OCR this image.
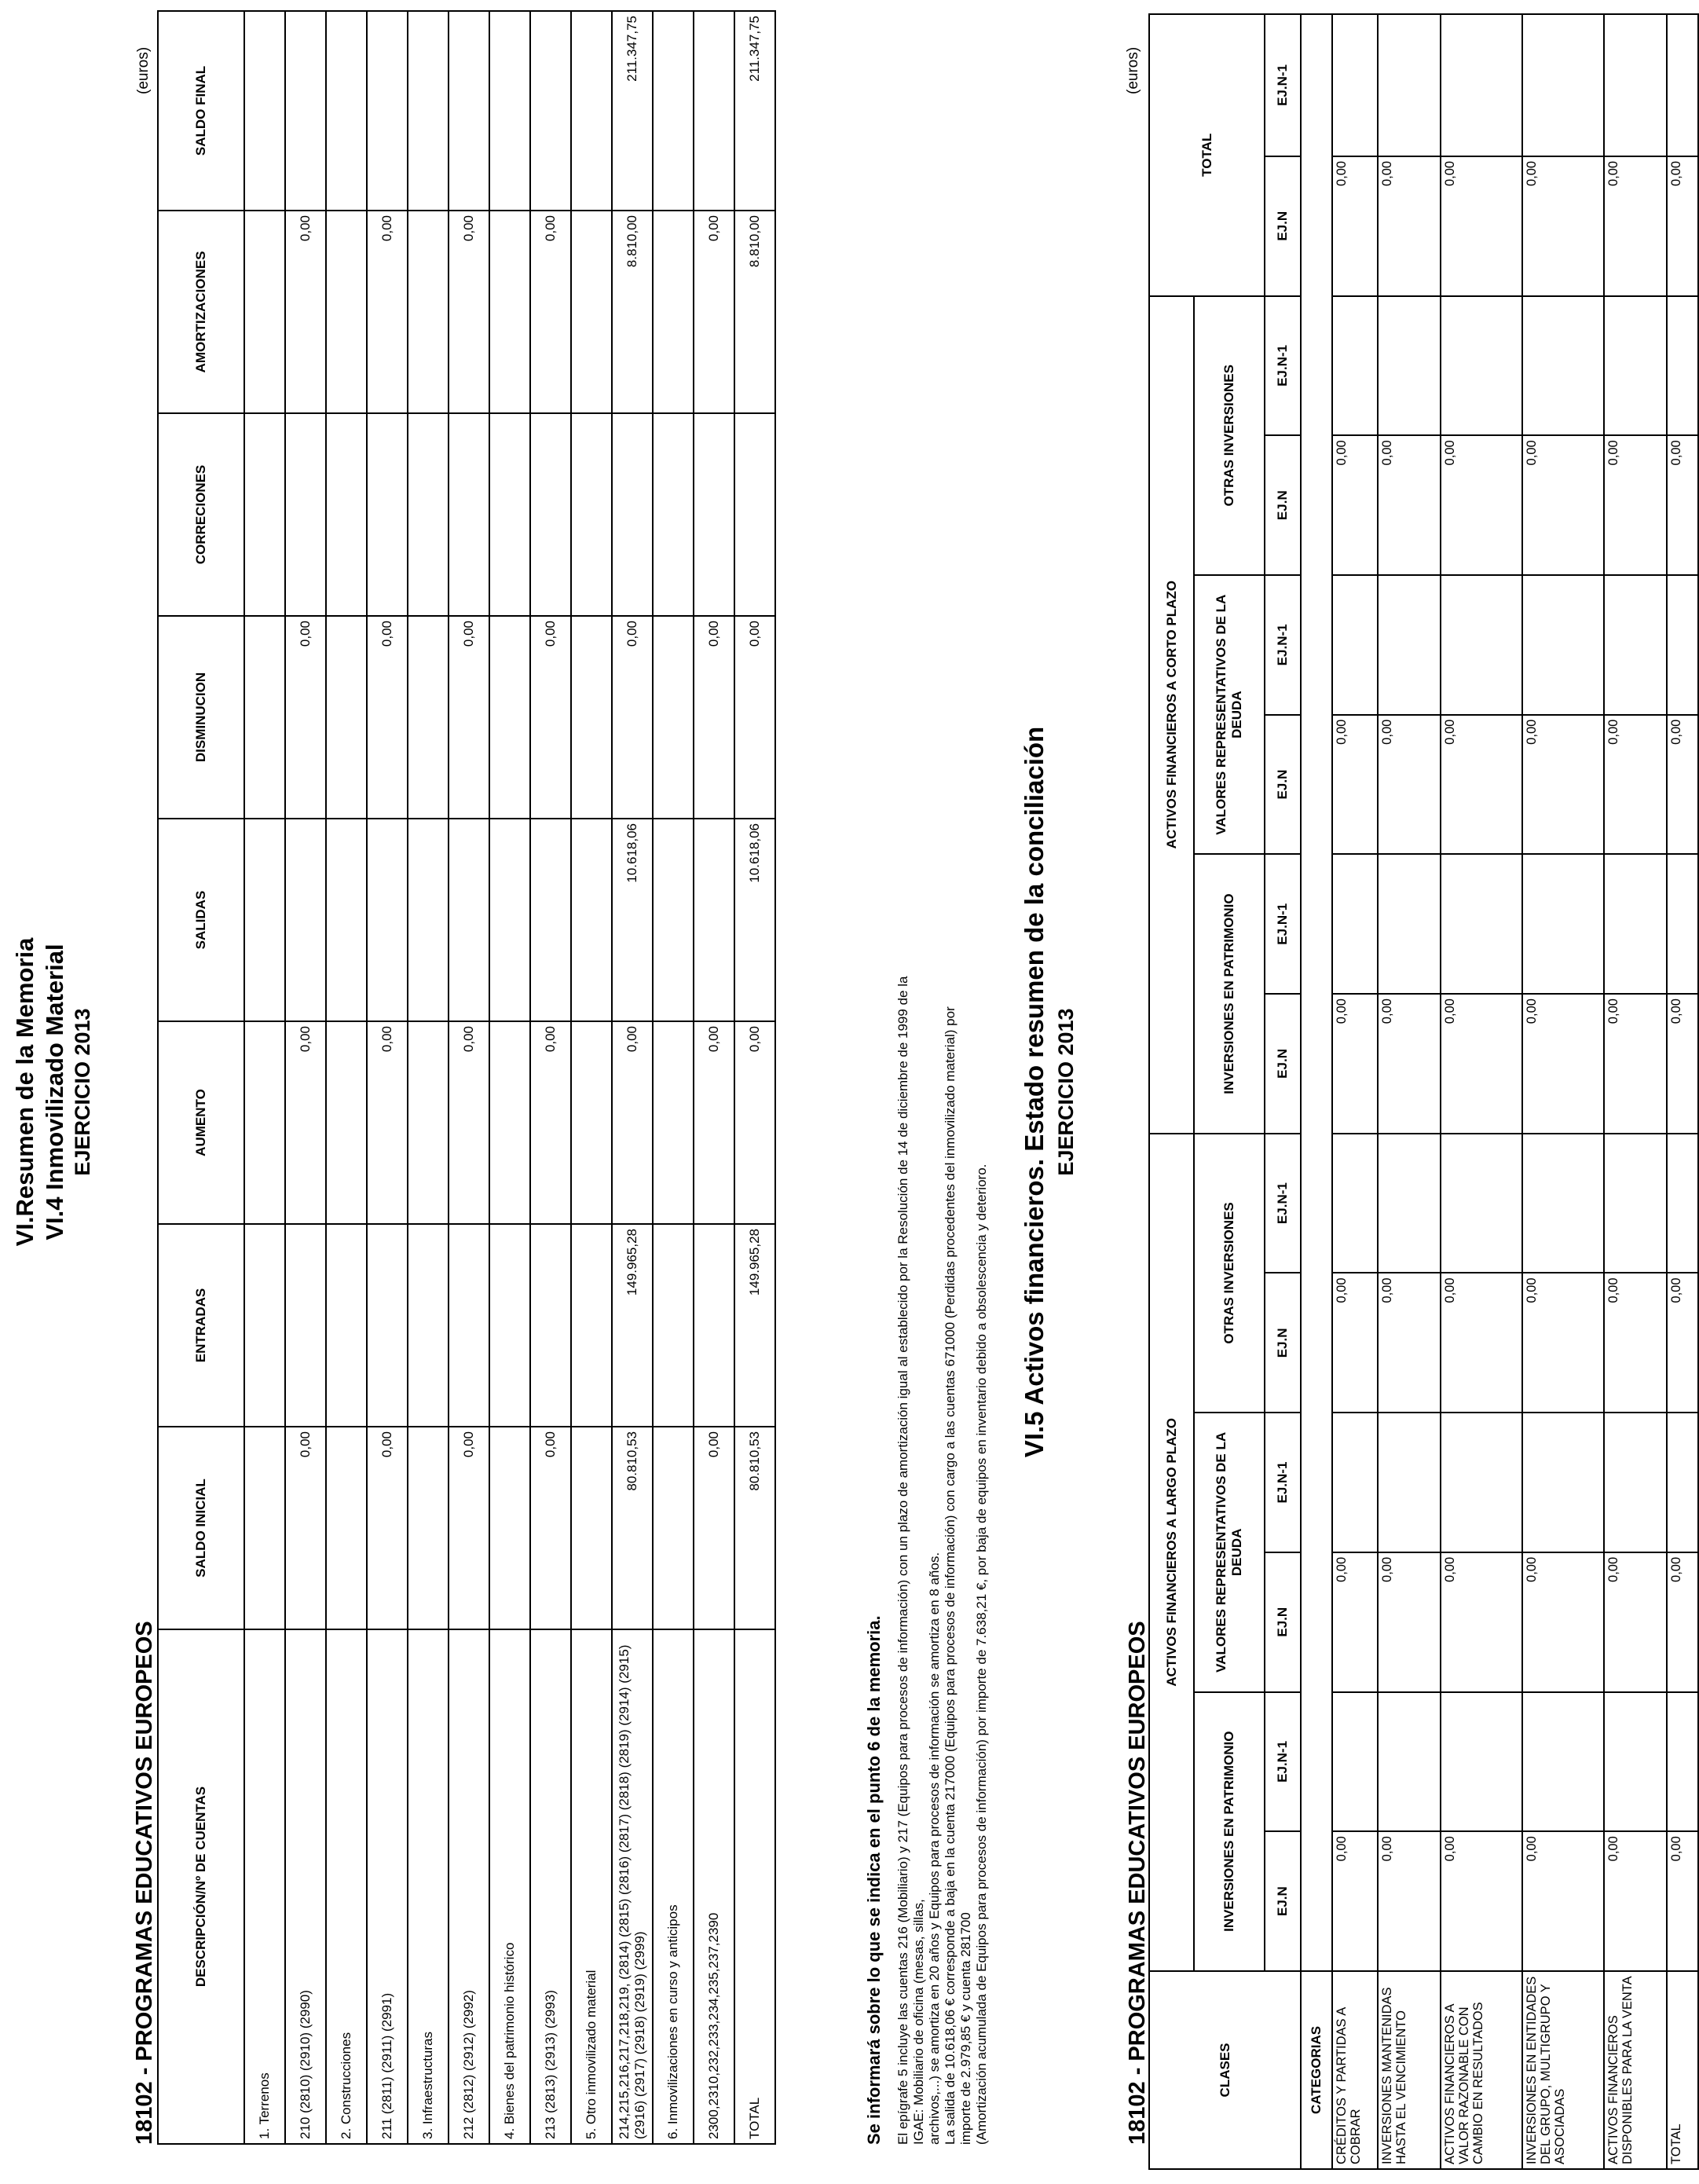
VI.Resumen de la Memoria VI.4 Inmovilizado Material EJERCICIO 2013
18102 - PROGRAMAS EDUCATIVOS EUROPEOS
(euros)
DESCRIPCIÓN/Nº DE CUENTAS	SALDO INICIAL	ENTRADAS	AUMENTO	SALIDAS	DISMINUCION	CORRECIONES	AMORTIZACIONES	SALDO FINAL
1. Terrenos								
210 (2810) (2910) (2990)	0,00		0,00		0,00		0,00	
2. Construcciones								
211 (2811) (2911) (2991)	0,00		0,00		0,00		0,00	
3. Infraestructuras								
212 (2812) (2912) (2992)	0,00		0,00		0,00		0,00	
4. Bienes del patrimonio histórico								
213 (2813) (2913) (2993)	0,00		0,00		0,00		0,00	
5. Otro inmovilizado material								
214,215,216,217,218,219, (2814) (2815) (2816) (2817) (2818) (2819) (2914) (2915) (2916) (2917) (2918) (2919) (2999)	80.810,53	149.965,28	0,00	10.618,06	0,00		8.810,00	211.347,75
6. Inmovilizaciones en curso y anticipos								
2300,2310,232,233,234,235,237,2390	0,00		0,00		0,00		0,00	
TOTAL	80.810,53	149.965,28	0,00	10.618,06	0,00		8.810,00	211.347,75
Se informará sobre lo que se indica en el punto 6 de la memoria. El epígrafe 5 incluye las cuentas 216 (Mobiliario) y 217 (Equipos para procesos de información) con un plazo de amortización igual al establecido por la Resolución de 14 de diciembre de 1999 de la IGAE: Mobiliario de oficina (mesas, sillas, archivos,...) se amortiza en 20 años y Equipos para procesos de información se amortiza en 8 años. La salida de 10.618,06 € corresponde a baja en la cuenta 217000 (Equipos para procesos de información) con cargo a las cuentas 671000 (Perdidas procedentes del inmovilizado material) por importe de 2.979,85 € y cuenta 281700 (Amortización acumulada de Equipos para procesos de información) por importe de 7.638,21 €, por baja de equipos en inventario debido a obsolescencia y deterioro.
VI.5 Activos financieros. Estado resumen de la conciliación EJERCICIO 2013
18102 - PROGRAMAS EDUCATIVOS EUROPEOS
(euros)
CLASES	ACTIVOS FINANCIEROS A LARGO PLAZO						ACTIVOS FINANCIEROS A CORTO PLAZO						TOTAL	
	INVERSIONES EN PATRIMONIO		VALORES REPRESENTATIVOS DE LA DEUDA		OTRAS INVERSIONES		INVERSIONES EN PATRIMONIO		VALORES REPRESENTATIVOS DE LA DEUDA		OTRAS INVERSIONES			
	EJ.N	EJ.N-1	EJ.N	EJ.N-1	EJ.N	EJ.N-1	EJ.N	EJ.N-1	EJ.N	EJ.N-1	EJ.N	EJ.N-1	EJ.N	EJ.N-1
CATEGORIAS														
CRÉDITOS Y PARTIDAS A COBRAR	0,00		0,00		0,00		0,00		0,00		0,00		0,00	
INVERSIONES MANTENIDAS HASTA EL VENCIMIENTO	0,00		0,00		0,00		0,00		0,00		0,00		0,00	
ACTIVOS FINANCIEROS A VALOR RAZONABLE CON CAMBIO EN RESULTADOS	0,00		0,00		0,00		0,00		0,00		0,00		0,00	
INVERSIONES EN ENTIDADES DEL GRUPO, MULTIGRUPO Y ASOCIADAS	0,00		0,00		0,00		0,00		0,00		0,00		0,00	
ACTIVOS FINANCIEROS DISPONIBLES PARA LA VENTA	0,00		0,00		0,00		0,00		0,00		0,00		0,00	
TOTAL	0,00		0,00		0,00		0,00		0,00		0,00		0,00	
